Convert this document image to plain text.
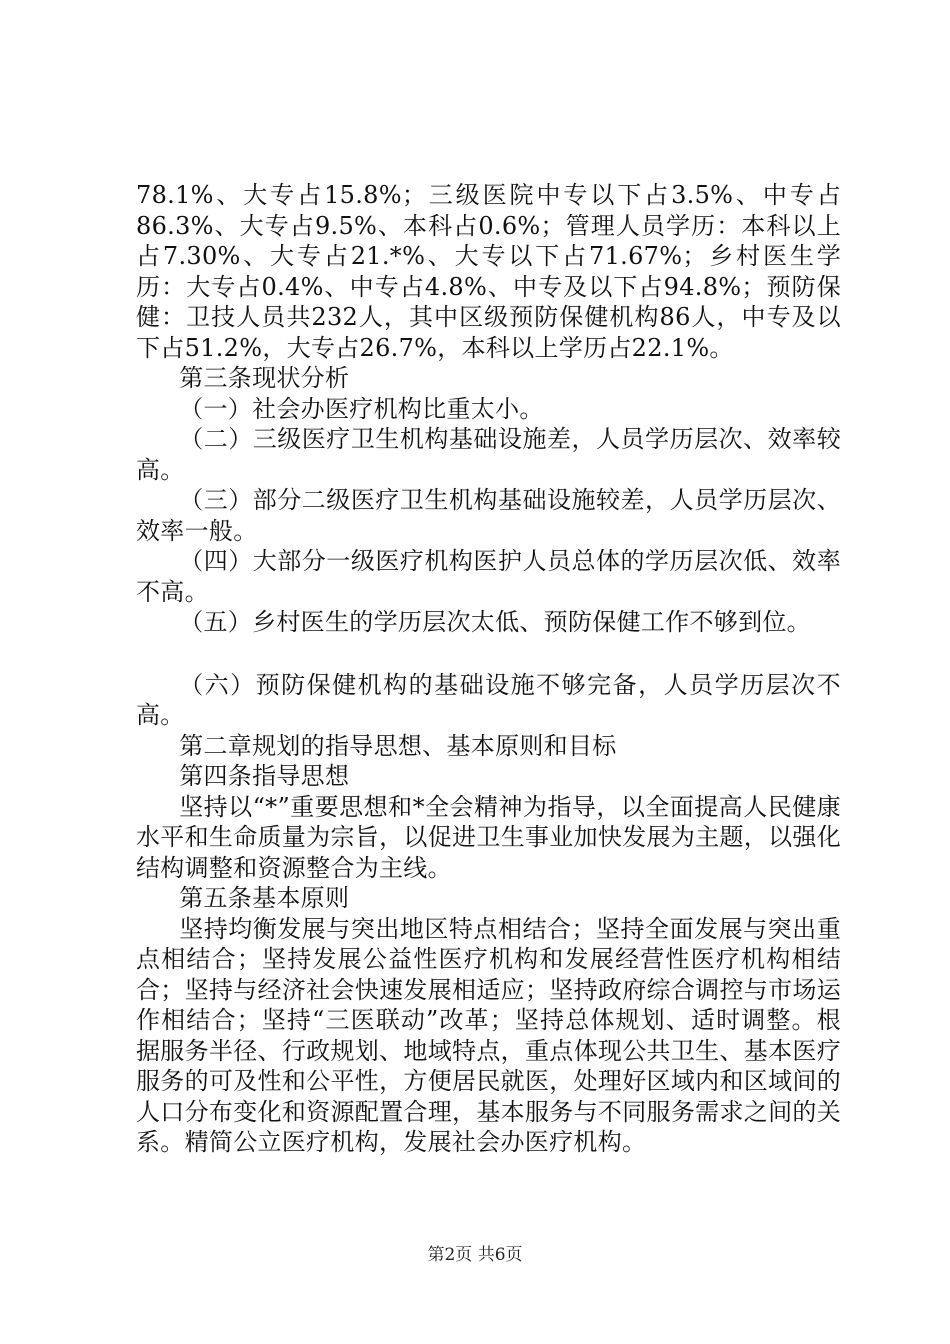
78.1%、大专占15.8%；三级医院中专以下占3.5%、中专占86.3%、大专占9.5%、本科占0.6%；管理人员学历：本科以上占7.30%、大专占21.*%、大专以下占71.67%；乡村医生学历：大专占0.4%、中专占4.8%、中专及以下占94.8%；预防保健：卫技人员共232人，其中区级预防保健机构86人，中专及以下占51.2%，大专占26.7%，本科以上学历占22.1%。

第三条现状分析

（一）社会办医疗机构比重太小。

（二）三级医疗卫生机构基础设施差，人员学历层次、效率较高。

（三）部分二级医疗卫生机构基础设施较差，人员学历层次、效率一般。

（四）大部分一级医疗机构医护人员总体的学历层次低、效率不高。

（五）乡村医生的学历层次太低、预防保健工作不够到位。

（六）预防保健机构的基础设施不够完备，人员学历层次不高。

第二章规划的指导思想、基本原则和目标

第四条指导思想

坚持以“*”重要思想和*全会精神为指导，以全面提高人民健康水平和生命质量为宗旨，以促进卫生事业加快发展为主题，以强化结构调整和资源整合为主线。

第五条基本原则

坚持均衡发展与突出地区特点相结合；坚持全面发展与突出重点相结合；坚持发展公益性医疗机构和发展经营性医疗机构相结合；坚持与经济社会快速发展相适应；坚持政府综合调控与市场运作相结合；坚持“三医联动”改革；坚持总体规划、适时调整。根据服务半径、行政规划、地域特点，重点体现公共卫生、基本医疗服务的可及性和公平性，方便居民就医，处理好区域内和区域间的人口分布变化和资源配置合理，基本服务与不同服务需求之间的关系。精简公立医疗机构，发展社会办医疗机构。

第2页 共6页
